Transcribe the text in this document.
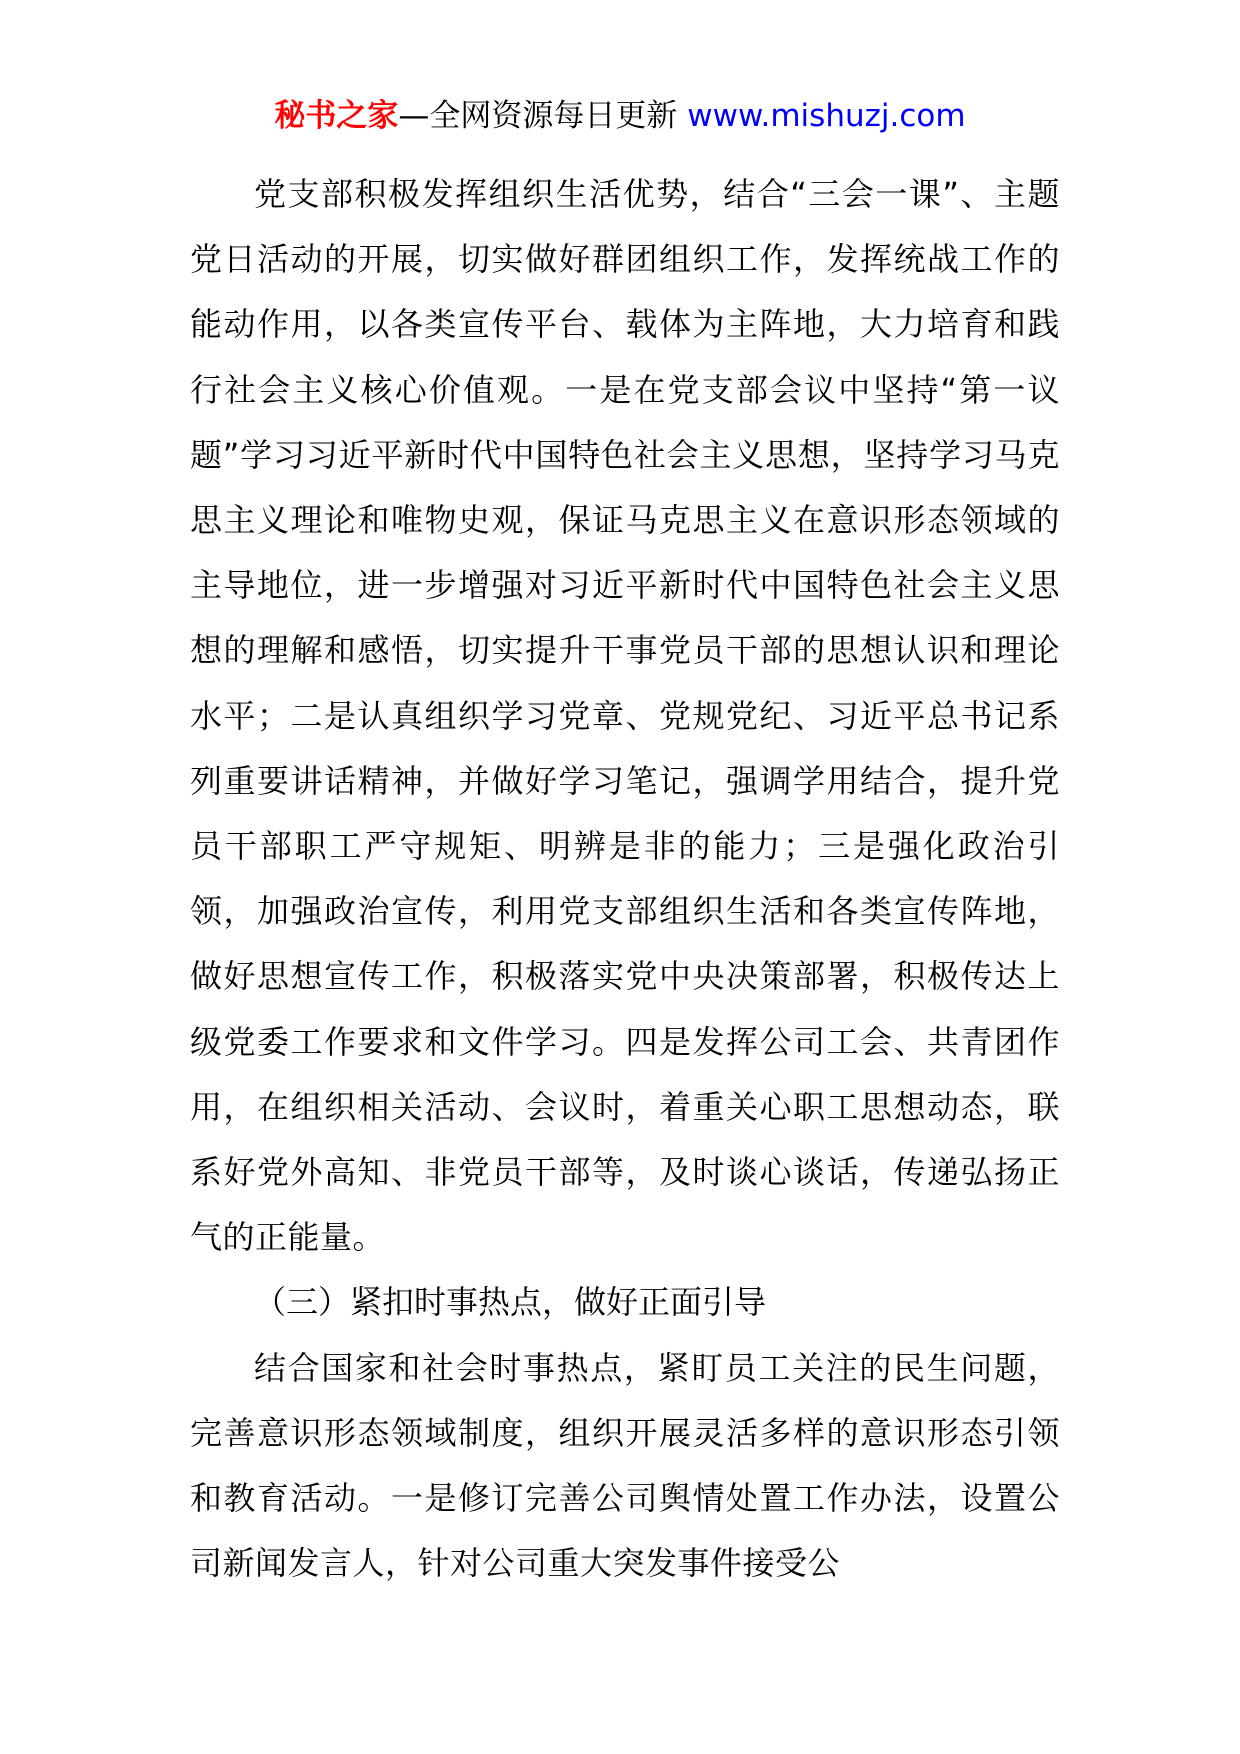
秘书之家—全网资源每日更新 www.mishuzj.com

党支部积极发挥组织生活优势，结合“三会一课”、主题党日活动的开展，切实做好群团组织工作，发挥统战工作的能动作用，以各类宣传平台、载体为主阵地，大力培育和践行社会主义核心价值观。一是在党支部会议中坚持“第一议题”学习习近平新时代中国特色社会主义思想，坚持学习马克思主义理论和唯物史观，保证马克思主义在意识形态领域的主导地位，进一步增强对习近平新时代中国特色社会主义思想的理解和感悟，切实提升干事党员干部的思想认识和理论水平；二是认真组织学习党章、党规党纪、习近平总书记系列重要讲话精神，并做好学习笔记，强调学用结合，提升党员干部职工严守规矩、明辨是非的能力；三是强化政治引领，加强政治宣传，利用党支部组织生活和各类宣传阵地，做好思想宣传工作，积极落实党中央决策部署，积极传达上级党委工作要求和文件学习。四是发挥公司工会、共青团作用，在组织相关活动、会议时，着重关心职工思想动态，联系好党外高知、非党员干部等，及时谈心谈话，传递弘扬正气的正能量。

（三）紧扣时事热点，做好正面引导

结合国家和社会时事热点，紧盯员工关注的民生问题，完善意识形态领域制度，组织开展灵活多样的意识形态引领和教育活动。一是修订完善公司舆情处置工作办法，设置公司新闻发言人，针对公司重大突发事件接受公
